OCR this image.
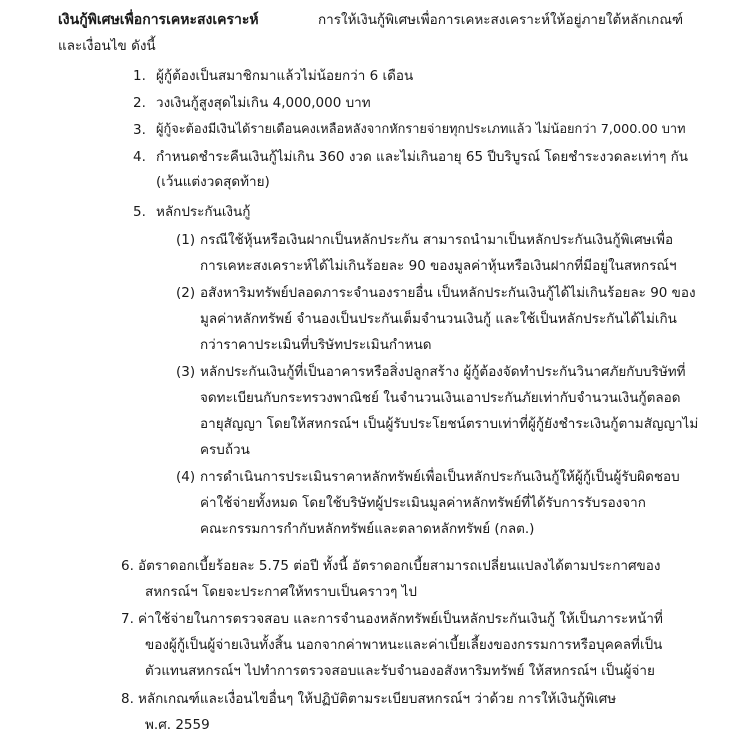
เงินกู้พิเศษเพื่อการเคหะสงเคราะห์	การให้เงินกู้พิเศษเพื่อการเคหะสงเคราะห์ให้อยู่ภายใต้หลักเกณฑ์
และเงื่อนไข ดังนี้
1. ผู้กู้ต้องเป็นสมาชิกมาแล้วไม่น้อยกว่า 6 เดือน
2. วงเงินกู้สูงสุดไม่เกิน 4,000,000 บาท
3. ผู้กู้จะต้องมีเงินได้รายเดือนคงเหลือหลังจากหักรายจ่ายทุกประเภทแล้ว ไม่น้อยกว่า 7,000.00 บาท
4. กำหนดชำระคืนเงินกู้ไม่เกิน 360 งวด และไม่เกินอายุ 65 ปีบริบูรณ์ โดยชำระงวดละเท่าๆ กัน
(เว้นแต่งวดสุดท้าย)
5. หลักประกันเงินกู้
(1) กรณีใช้หุ้นหรือเงินฝากเป็นหลักประกัน สามารถนำมาเป็นหลักประกันเงินกู้พิเศษเพื่อ
การเคหะสงเคราะห์ได้ไม่เกินร้อยละ 90 ของมูลค่าหุ้นหรือเงินฝากที่มีอยู่ในสหกรณ์ฯ
(2) อสังหาริมทรัพย์ปลอดภาระจำนองรายอื่น เป็นหลักประกันเงินกู้ได้ไม่เกินร้อยละ 90 ของ
มูลค่าหลักทรัพย์ จำนองเป็นประกันเต็มจำนวนเงินกู้ และใช้เป็นหลักประกันได้ไม่เกิน
กว่าราคาประเมินที่บริษัทประเมินกำหนด
(3) หลักประกันเงินกู้ที่เป็นอาคารหรือสิ่งปลูกสร้าง ผู้กู้ต้องจัดทำประกันวินาศภัยกับบริษัทที่
จดทะเบียนกับกระทรวงพาณิชย์ ในจำนวนเงินเอาประกันภัยเท่ากับจำนวนเงินกู้ตลอด
อายุสัญญา โดยให้สหกรณ์ฯ เป็นผู้รับประโยชน์ตราบเท่าที่ผู้กู้ยังชำระเงินกู้ตามสัญญาไม่
ครบถ้วน
(4) การดำเนินการประเมินราคาหลักทรัพย์เพื่อเป็นหลักประกันเงินกู้ให้ผู้กู้เป็นผู้รับผิดชอบ
ค่าใช้จ่ายทั้งหมด โดยใช้บริษัทผู้ประเมินมูลค่าหลักทรัพย์ที่ได้รับการรับรองจาก
คณะกรรมการกำกับหลักทรัพย์และตลาดหลักทรัพย์ (กลต.)
6. อัตราดอกเบี้ยร้อยละ 5.75 ต่อปี ทั้งนี้ อัตราดอกเบี้ยสามารถเปลี่ยนแปลงได้ตามประกาศของ
สหกรณ์ฯ โดยจะประกาศให้ทราบเป็นคราวๆ ไป
7. ค่าใช้จ่ายในการตรวจสอบ และการจำนองหลักทรัพย์เป็นหลักประกันเงินกู้ ให้เป็นภาระหน้าที่
ของผู้กู้เป็นผู้จ่ายเงินทั้งสิ้น นอกจากค่าพาหนะและค่าเบี้ยเลี้ยงของกรรมการหรือบุคคลที่เป็น
ตัวแทนสหกรณ์ฯ ไปทำการตรวจสอบและรับจำนองอสังหาริมทรัพย์ ให้สหกรณ์ฯ เป็นผู้จ่าย
8. หลักเกณฑ์และเงื่อนไขอื่นๆ ให้ปฏิบัติตามระเบียบสหกรณ์ฯ ว่าด้วย การให้เงินกู้พิเศษ
พ.ศ. 2559
